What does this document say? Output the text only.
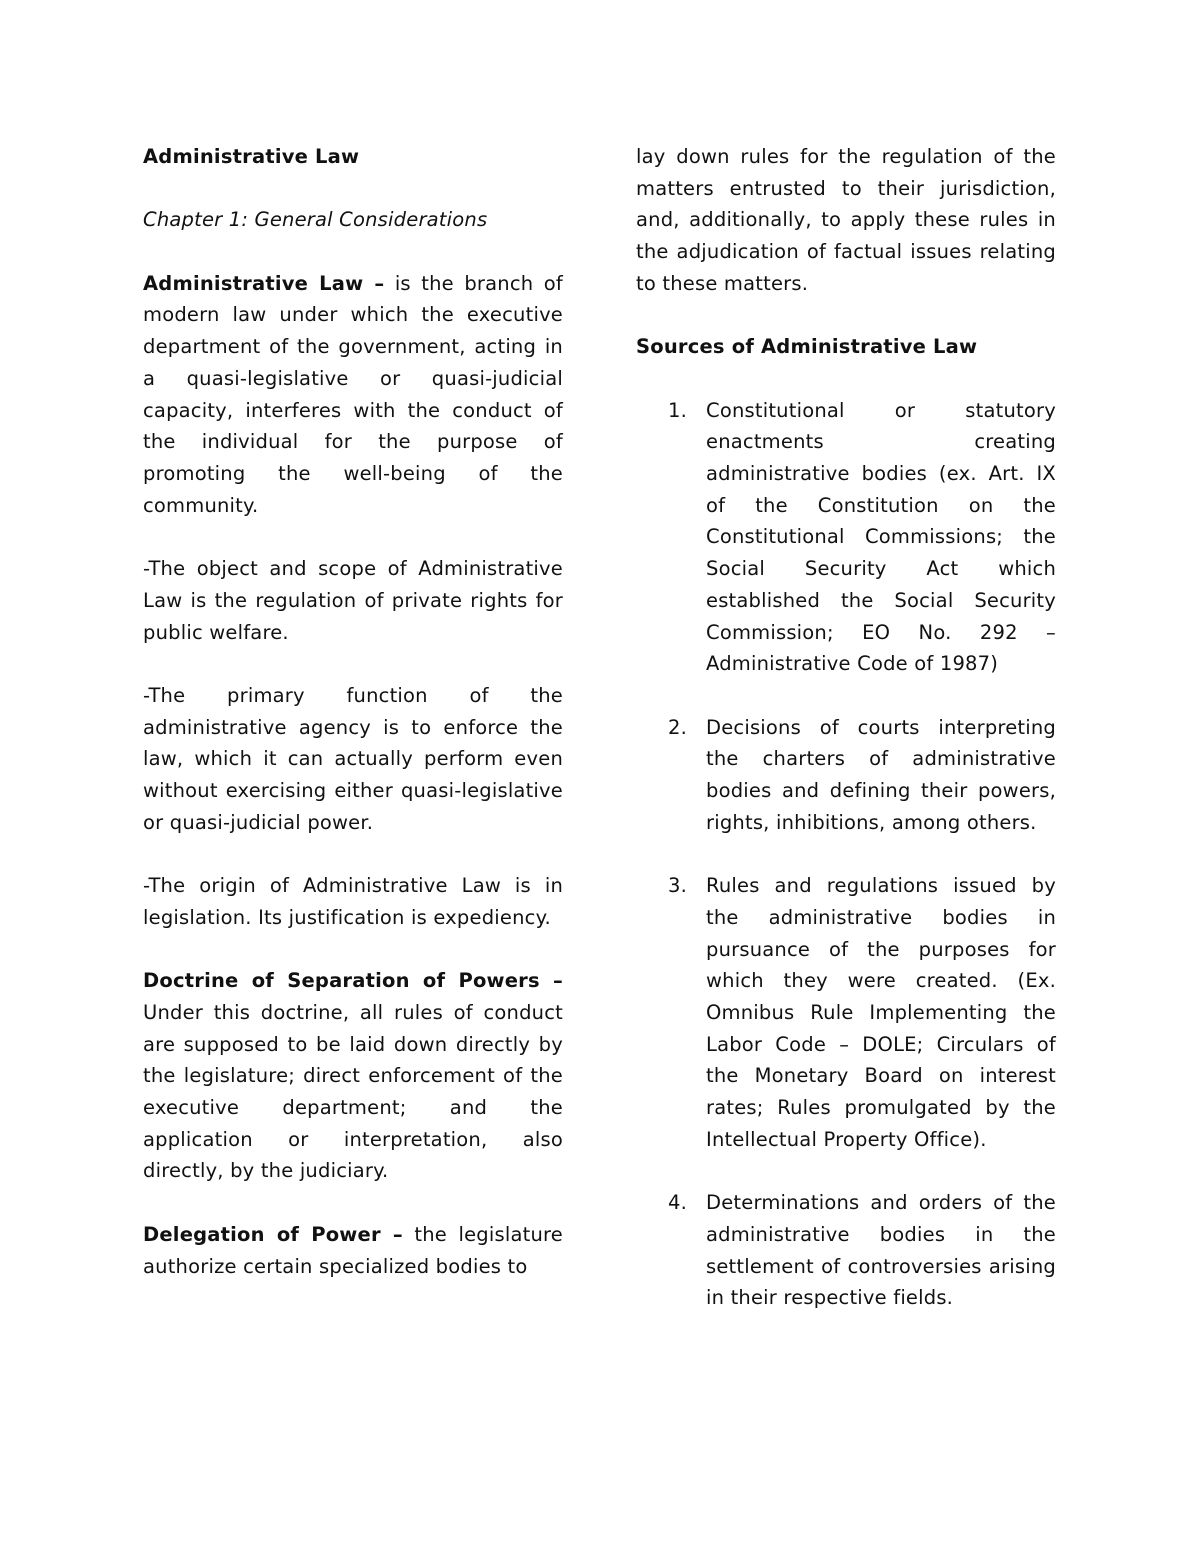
Administrative Law

Chapter 1: General Considerations

Administrative Law – is the branch of modern law under which the executive department of the government, acting in a quasi-legislative or quasi-judicial capacity, interferes with the conduct of the individual for the purpose of promoting the well-being of the community.

-The object and scope of Administrative Law is the regulation of private rights for public welfare.

-The primary function of the administrative agency is to enforce the law, which it can actually perform even without exercising either quasi-legislative or quasi-judicial power.

-The origin of Administrative Law is in legislation. Its justification is expediency.

Doctrine of Separation of Powers – Under this doctrine, all rules of conduct are supposed to be laid down directly by the legislature; direct enforcement of the executive department; and the application or interpretation, also directly, by the judiciary.

Delegation of Power – the legislature authorize certain specialized bodies to

lay down rules for the regulation of the matters entrusted to their jurisdiction, and, additionally, to apply these rules in the adjudication of factual issues relating to these matters.

Sources of Administrative Law

1. Constitutional or statutory enactments creating administrative bodies (ex. Art. IX of the Constitution on the Constitutional Commissions; the Social Security Act which established the Social Security Commission; EO No. 292 – Administrative Code of 1987)
2. Decisions of courts interpreting the charters of administrative bodies and defining their powers, rights, inhibitions, among others.
3. Rules and regulations issued by the administrative bodies in pursuance of the purposes for which they were created. (Ex. Omnibus Rule Implementing the Labor Code – DOLE; Circulars of the Monetary Board on interest rates; Rules promulgated by the Intellectual Property Office).
4. Determinations and orders of the administrative bodies in the settlement of controversies arising in their respective fields.
